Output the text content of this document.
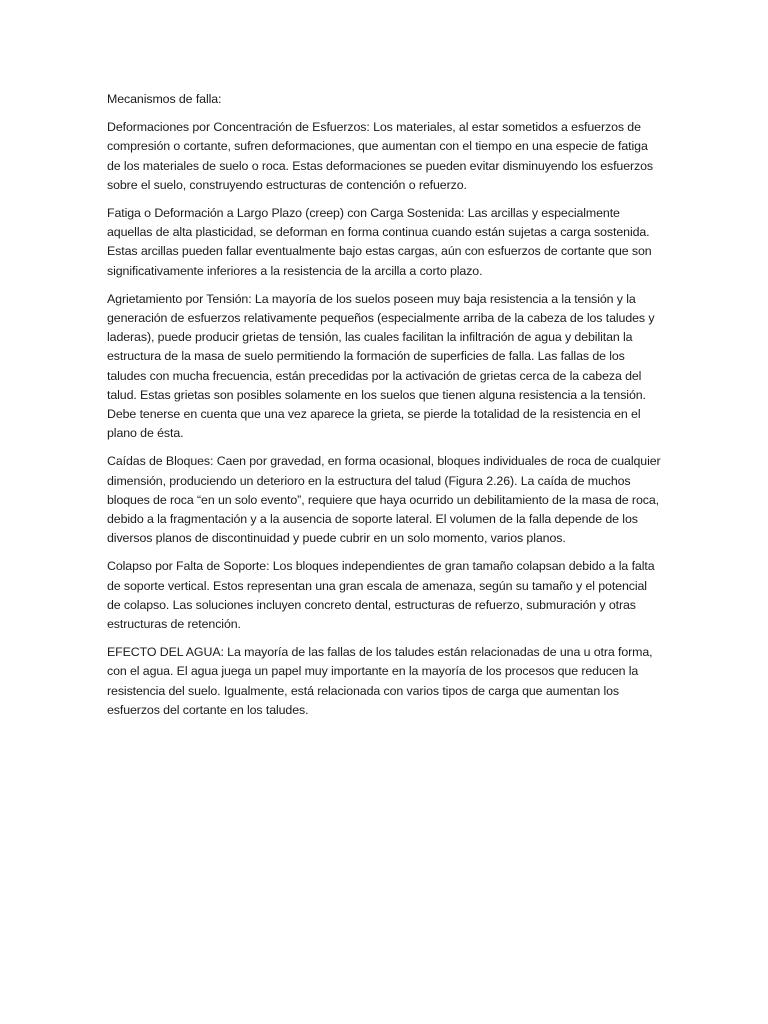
Mecanismos de falla:

Deformaciones por Concentración de Esfuerzos: Los materiales, al estar sometidos a esfuerzos de compresión o cortante, sufren deformaciones, que aumentan con el tiempo en una especie de fatiga de los materiales de suelo o roca. Estas deformaciones se pueden evitar disminuyendo los esfuerzos sobre el suelo, construyendo estructuras de contención o refuerzo.

Fatiga o Deformación a Largo Plazo (creep) con Carga Sostenida: Las arcillas y especialmente aquellas de alta plasticidad, se deforman en forma continua cuando están sujetas a carga sostenida. Estas arcillas pueden fallar eventualmente bajo estas cargas, aún con esfuerzos de cortante que son significativamente inferiores a la resistencia de la arcilla a corto plazo.

Agrietamiento por Tensión: La mayoría de los suelos poseen muy baja resistencia a la tensión y la generación de esfuerzos relativamente pequeños (especialmente arriba de la cabeza de los taludes y laderas), puede producir grietas de tensión, las cuales facilitan la infiltración de agua y debilitan la estructura de la masa de suelo permitiendo la formación de superficies de falla. Las fallas de los taludes con mucha frecuencia, están precedidas por la activación de grietas cerca de la cabeza del talud. Estas grietas son posibles solamente en los suelos que tienen alguna resistencia a la tensión. Debe tenerse en cuenta que una vez aparece la grieta, se pierde la totalidad de la resistencia en el plano de ésta.

Caídas de Bloques: Caen por gravedad, en forma ocasional, bloques individuales de roca de cualquier dimensión, produciendo un deterioro en la estructura del talud (Figura 2.26). La caída de muchos bloques de roca “en un solo evento”, requiere que haya ocurrido un debilitamiento de la masa de roca, debido a la fragmentación y a la ausencia de soporte lateral. El volumen de la falla depende de los diversos planos de discontinuidad y puede cubrir en un solo momento, varios planos.

Colapso por Falta de Soporte: Los bloques independientes de gran tamaño colapsan debido a la falta de soporte vertical. Estos representan una gran escala de amenaza, según su tamaño y el potencial de colapso. Las soluciones incluyen concreto dental, estructuras de refuerzo, submuración y otras estructuras de retención.

EFECTO DEL AGUA: La mayoría de las fallas de los taludes están relacionadas de una u otra forma, con el agua. El agua juega un papel muy importante en la mayoría de los procesos que reducen la resistencia del suelo. Igualmente, está relacionada con varios tipos de carga que aumentan los esfuerzos del cortante en los taludes.
